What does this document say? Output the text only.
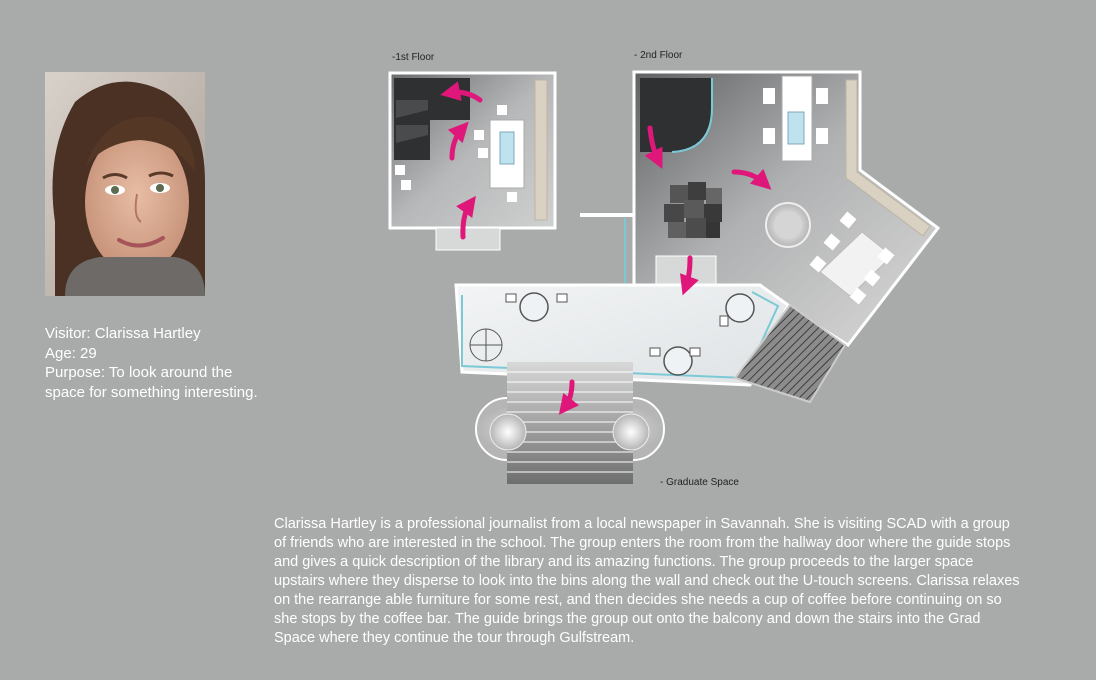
Visitor: Clarissa Hartley
Age: 29
Purpose: To look around the space for something interesting.
-1st Floor	- 2nd Floor
- Graduate Space
Clarissa Hartley is a professional journalist from a local newspaper in Savannah. She is visiting SCAD with a group of friends who are interested in the school. The group enters the room from the hallway door where the guide stops and gives a quick description of the library and its amazing functions. The group proceeds to the larger space upstairs where they disperse to look into the bins along the wall and check out the U-touch screens. Clarissa relaxes on the rearrange able furniture for some rest, and then decides she needs a cup of coffee before continuing on so she stops by the coffee bar. The guide brings the group out onto the balcony and down the stairs into the Grad Space where they continue the tour through Gulfstream.
